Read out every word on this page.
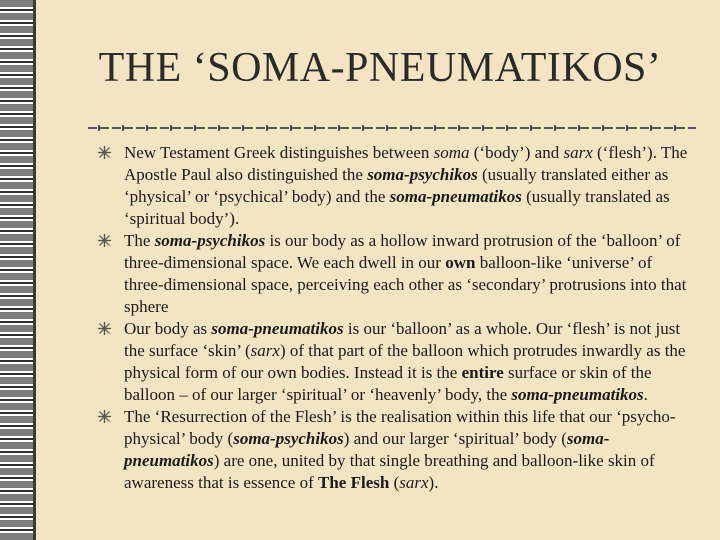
THE ‘SOMA-PNEUMATIKOS’
New Testament Greek distinguishes between soma (‘body’) and sarx (‘flesh’). The Apostle Paul also distinguished the soma-psychikos (usually translated either as ‘physical’ or ‘psychical’ body) and the soma-pneumatikos (usually translated as ‘spiritual body’).
The soma-psychikos is our body as a hollow inward protrusion of the ‘balloon’ of three-dimensional space. We each dwell in our own balloon-like ‘universe’ of three-dimensional space, perceiving each other as ‘secondary’ protrusions into that sphere
Our body as soma-pneumatikos is our ‘balloon’ as a whole. Our ‘flesh’ is not just the surface ‘skin’ (sarx) of that part of the balloon which protrudes inwardly as the physical form of our own bodies. Instead it is the entire surface or skin of the balloon – of our larger ‘spiritual’ or ‘heavenly’ body, the soma-pneumatikos.
The ‘Resurrection of the Flesh’ is the realisation within this life that our ‘psycho-physical’ body (soma-psychikos) and our larger ‘spiritual’ body (soma-pneumatikos) are one, united by that single breathing and balloon-like skin of awareness that is essence of The Flesh (sarx).
